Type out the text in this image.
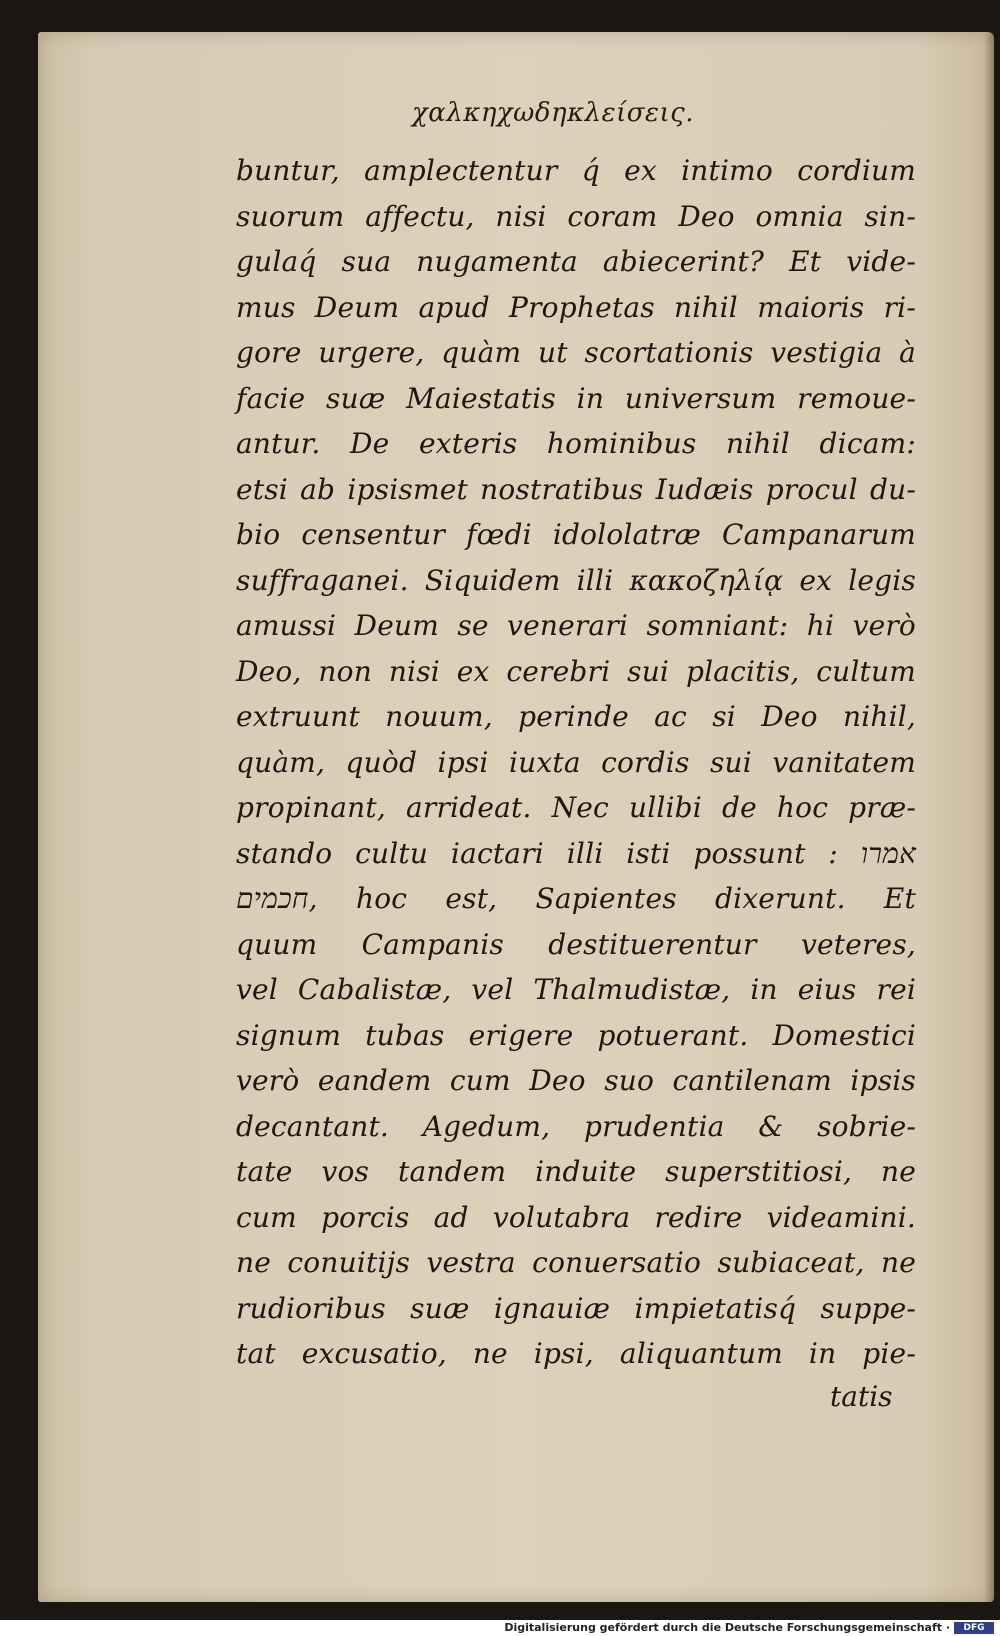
χαλκηχωδηκλείσεις.
buntur, amplectentur q́ ex intimo cordium
suorum affectu, nisi coram Deo omnia sin-
gulaq́ sua nugamenta abiecerint? Et vide-
mus Deum apud Prophetas nihil maioris ri-
gore urgere, quàm ut scortationis vestigia à
facie suæ Maiestatis in universum remoue-
antur. De exteris hominibus nihil dicam:
etsi ab ipsismet nostratibus Iudæis procul du-
bio censentur fœdi idololatræ Campanarum
suffraganei. Siquidem illi κακοζηλίᾳ ex legis
amussi Deum se venerari somniant: hi verò
Deo, non nisi ex cerebri sui placitis, cultum
extruunt nouum, perinde ac si Deo nihil,
quàm, quòd ipsi iuxta cordis sui vanitatem
propinant, arrideat. Nec ullibi de hoc præ-
stando cultu iactari illi isti possunt : אמרו
חכמים, hoc est, Sapientes dixerunt. Et
quum Campanis destituerentur veteres,
vel Cabalistæ, vel Thalmudistæ, in eius rei
signum tubas erigere potuerant. Domestici
verò eandem cum Deo suo cantilenam ipsis
decantant. Agedum, prudentia & sobrie-
tate vos tandem induite superstitiosi, ne
cum porcis ad volutabra redire videamini.
ne conuitijs vestra conuersatio subiaceat, ne
rudioribus suæ ignauiæ impietatisq́ suppe-
tat excusatio, ne ipsi, aliquantum in pie-
tatis
Digitalisierung gefördert durch die Deutsche Forschungsgemeinschaft ·	DFG
